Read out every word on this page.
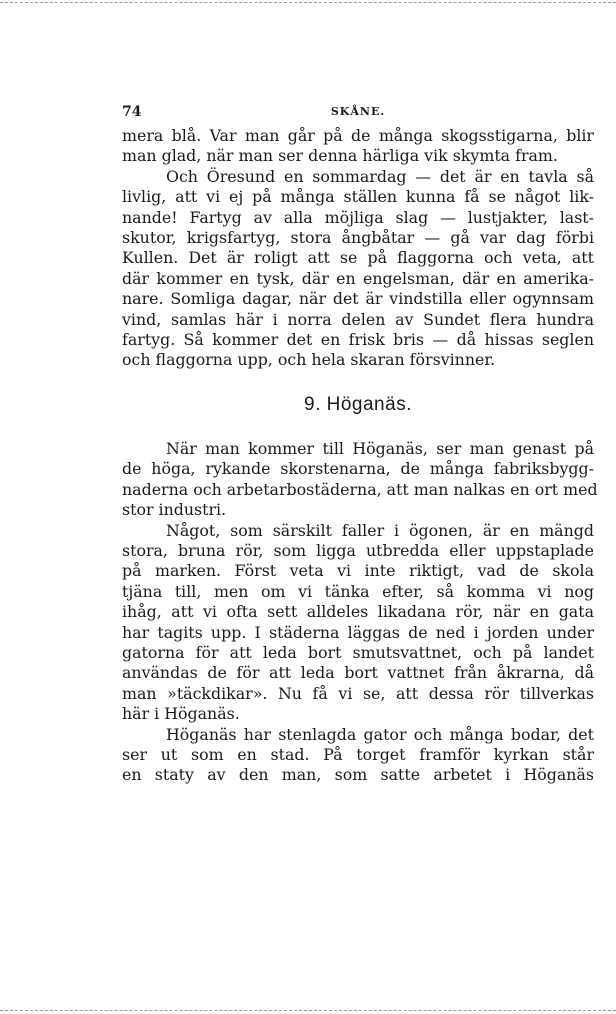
74	SKÅNE.

mera blå. Var man går på de många skogsstigarna, blir

man glad, när man ser denna härliga vik skymta fram.

Och Öresund en sommardag — det är en tavla så

livlig, att vi ej på många ställen kunna få se något lik-

nande! Fartyg av alla möjliga slag — lustjakter, last-

skutor, krigsfartyg, stora ångbåtar — gå var dag förbi

Kullen. Det är roligt att se på flaggorna och veta, att

där kommer en tysk, där en engelsman, där en amerika-

nare. Somliga dagar, när det är vindstilla eller ogynnsam

vind, samlas här i norra delen av Sundet flera hundra

fartyg. Så kommer det en frisk bris — då hissas seglen

och flaggorna upp, och hela skaran försvinner.

9. Höganäs.

När man kommer till Höganäs, ser man genast på

de höga, rykande skorstenarna, de många fabriksbygg-

naderna och arbetarbostäderna, att man nalkas en ort med

stor industri.

Något, som särskilt faller i ögonen, är en mängd

stora, bruna rör, som ligga utbredda eller uppstaplade

på marken. Först veta vi inte riktigt, vad de skola

tjäna till, men om vi tänka efter, så komma vi nog

ihåg, att vi ofta sett alldeles likadana rör, när en gata

har tagits upp. I städerna läggas de ned i jorden under

gatorna för att leda bort smutsvattnet, och på landet

användas de för att leda bort vattnet från åkrarna, då

man »täckdikar». Nu få vi se, att dessa rör tillverkas

här i Höganäs.

Höganäs har stenlagda gator och många bodar, det

ser ut som en stad. På torget framför kyrkan står

en staty av den man, som satte arbetet i Höganäs
